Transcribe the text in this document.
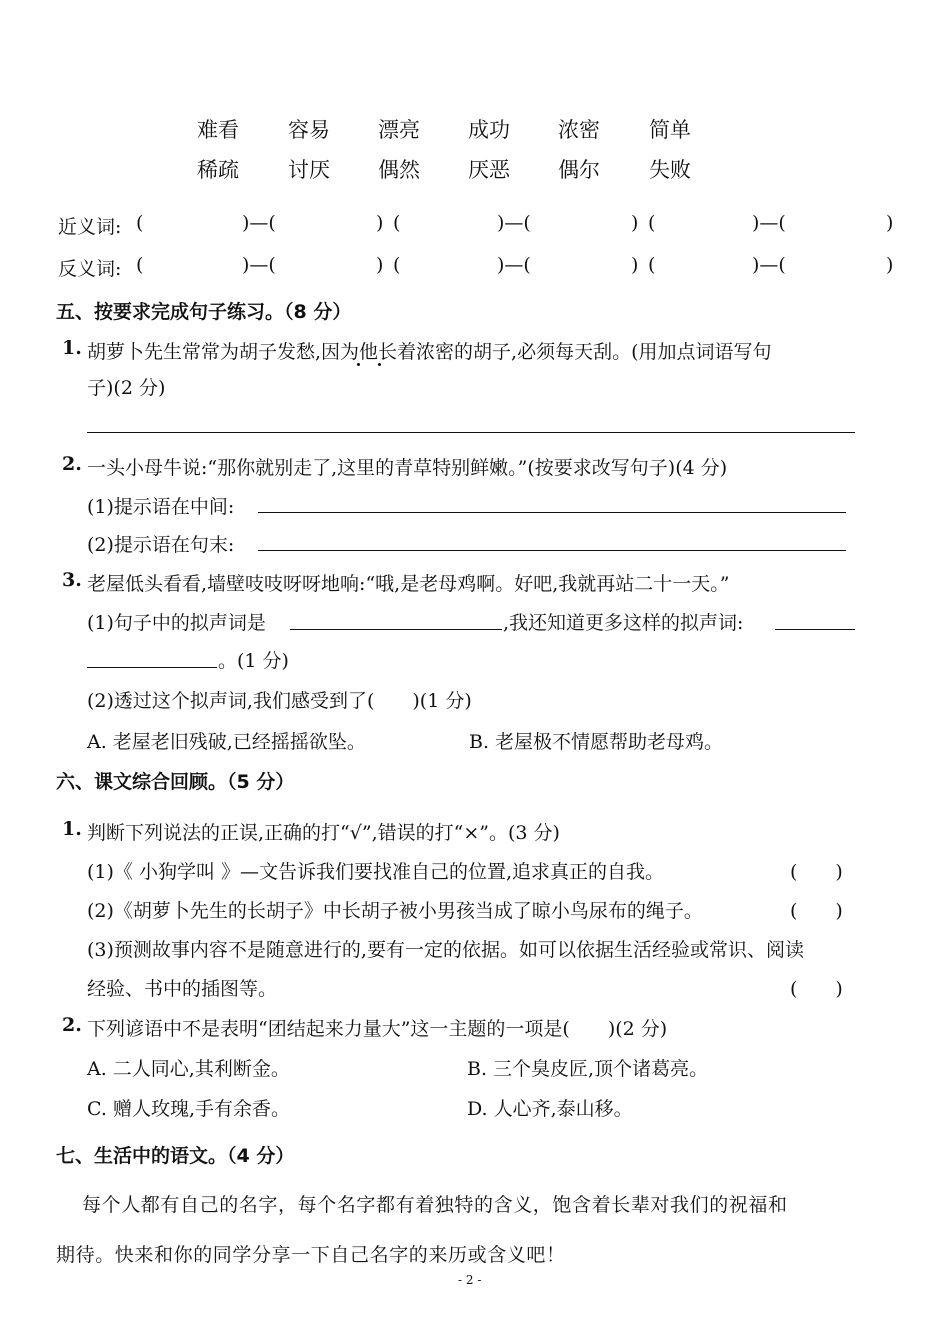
难看 容易 漂亮 成功 浓密 简单
稀疏 讨厌 偶然 厌恶 偶尔 失败
近义词: (	)—(	) (	)—(	) (	)—(	)
反义词: (	)—(	) (	)—(	) (	)—(	)
五、按要求完成句子练习。（8 分）
1. 胡萝卜先生常常为胡子发愁,因为他长着浓密的胡子,必须每天刮。(用加点词语写句
子)(2 分)
2. 一头小母牛说:“那你就别走了,这里的青草特别鲜嫩。”(按要求改写句子)(4 分)
(1)提示语在中间:
(2)提示语在句末:
3. 老屋低头看看,墙壁吱吱呀呀地响:“哦,是老母鸡啊。好吧,我就再站二十一天。”
(1)句子中的拟声词是	,我还知道更多这样的拟声词:
。(1 分)
(2)透过这个拟声词,我们感受到了(　　)(1 分)
A. 老屋老旧残破,已经摇摇欲坠。	B. 老屋极不情愿帮助老母鸡。
六、课文综合回顾。（5 分）
1. 判断下列说法的正误,正确的打“√”,错误的打“×”。(3 分)
(1)《 小狗学叫 》—文告诉我们要找准自己的位置,追求真正的自我。	(　　)
(2)《胡萝卜先生的长胡子》中长胡子被小男孩当成了晾小鸟尿布的绳子。	(　　)
(3)预测故事内容不是随意进行的,要有一定的依据。如可以依据生活经验或常识、阅读
经验、书中的插图等。	(　　)
2. 下列谚语中不是表明“团结起来力量大”这一主题的一项是(　　)(2 分)
A. 二人同心,其利断金。	B. 三个臭皮匠,顶个诸葛亮。
C. 赠人玫瑰,手有余香。	D. 人心齐,泰山移。
七、生活中的语文。（4 分）
每个人都有自己的名字，每个名字都有着独特的含义，饱含着长辈对我们的祝福和
期待。快来和你的同学分享一下自己名字的来历或含义吧！
- 2 -
